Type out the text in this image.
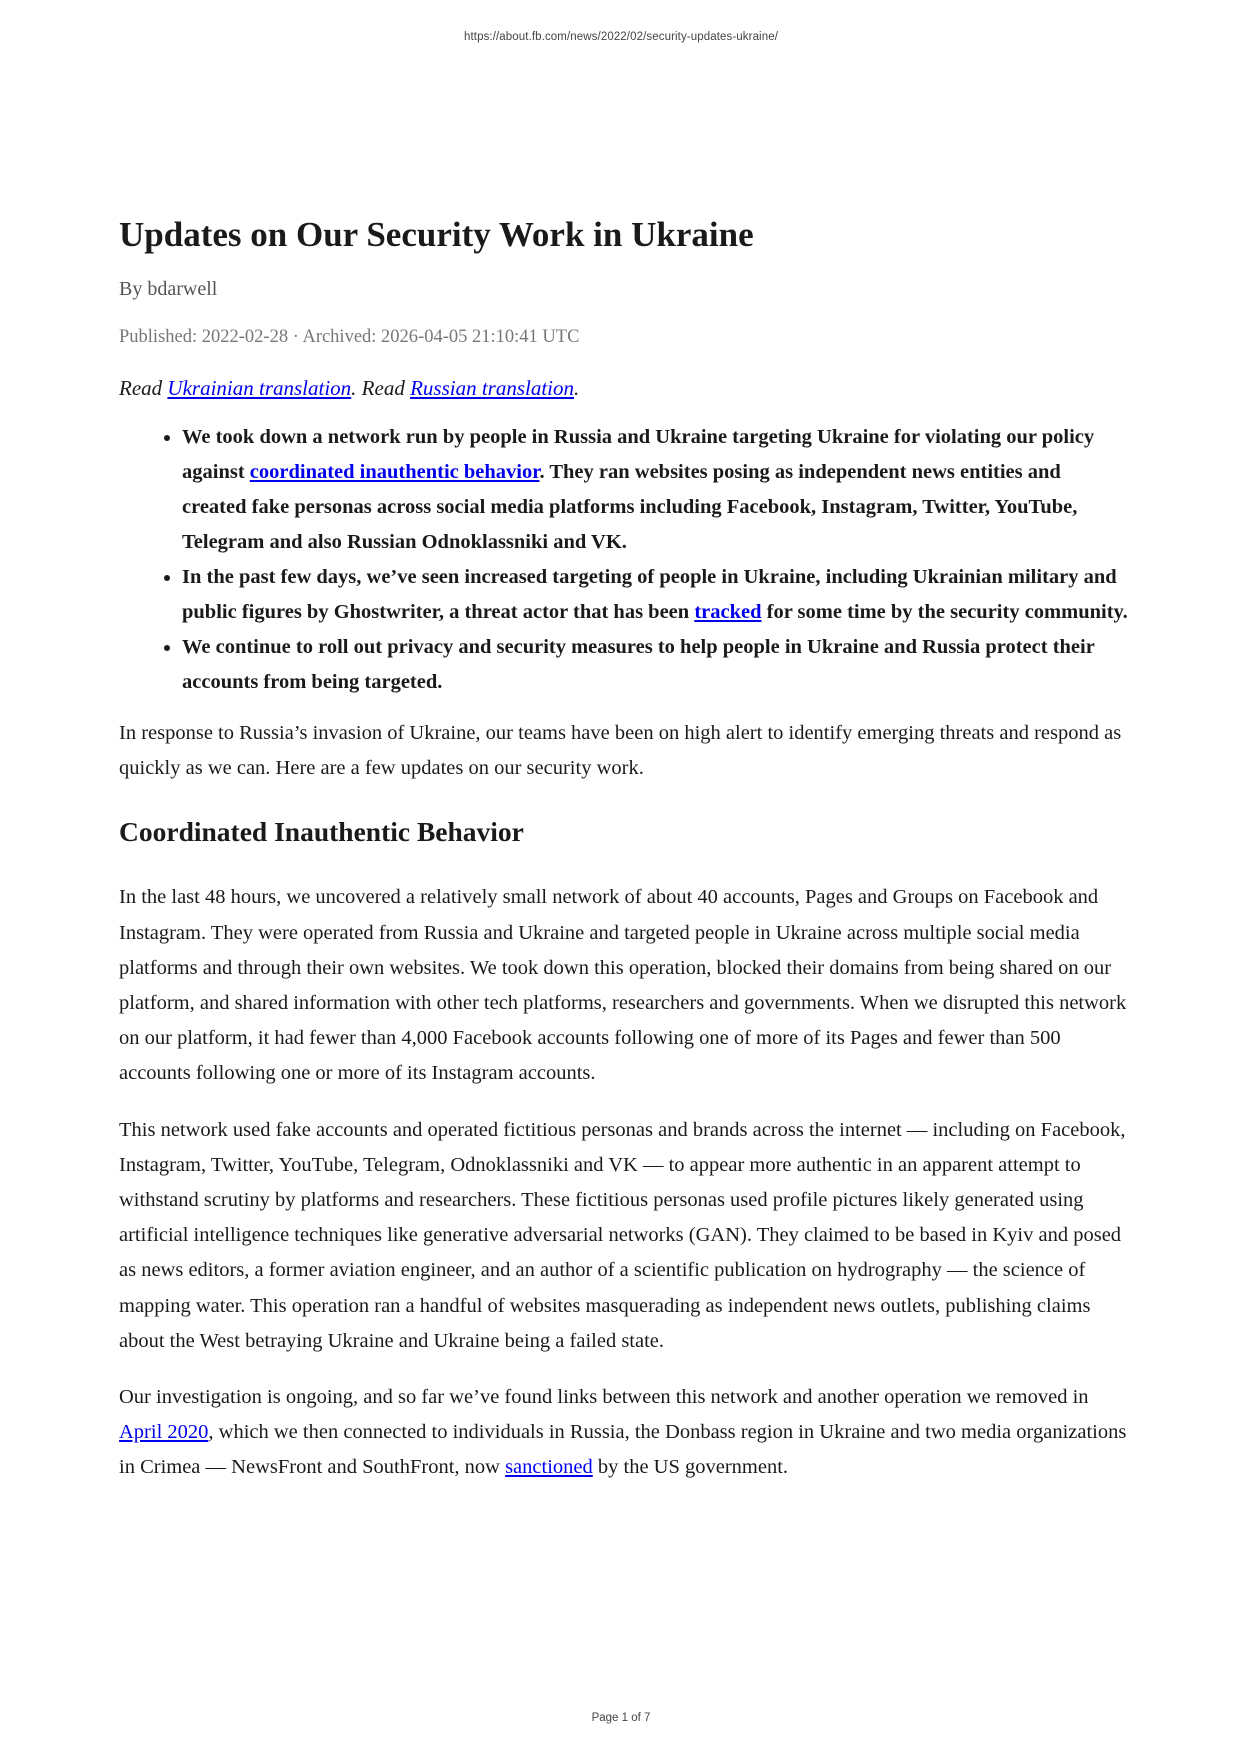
https://about.fb.com/news/2022/02/security-updates-ukraine/
Updates on Our Security Work in Ukraine
By bdarwell
Published: 2022-02-28 · Archived: 2026-04-05 21:10:41 UTC
Read Ukrainian translation. Read Russian translation.
• We took down a network run by people in Russia and Ukraine targeting Ukraine for violating our policy against coordinated inauthentic behavior. They ran websites posing as independent news entities and created fake personas across social media platforms including Facebook, Instagram, Twitter, YouTube, Telegram and also Russian Odnoklassniki and VK.
• In the past few days, we’ve seen increased targeting of people in Ukraine, including Ukrainian military and public figures by Ghostwriter, a threat actor that has been tracked for some time by the security community.
• We continue to roll out privacy and security measures to help people in Ukraine and Russia protect their accounts from being targeted.

In response to Russia’s invasion of Ukraine, our teams have been on high alert to identify emerging threats and respond as quickly as we can. Here are a few updates on our security work.

Coordinated Inauthentic Behavior

In the last 48 hours, we uncovered a relatively small network of about 40 accounts, Pages and Groups on Facebook and Instagram. They were operated from Russia and Ukraine and targeted people in Ukraine across multiple social media platforms and through their own websites. We took down this operation, blocked their domains from being shared on our platform, and shared information with other tech platforms, researchers and governments. When we disrupted this network on our platform, it had fewer than 4,000 Facebook accounts following one of more of its Pages and fewer than 500 accounts following one or more of its Instagram accounts.

This network used fake accounts and operated fictitious personas and brands across the internet — including on Facebook, Instagram, Twitter, YouTube, Telegram, Odnoklassniki and VK — to appear more authentic in an apparent attempt to withstand scrutiny by platforms and researchers. These fictitious personas used profile pictures likely generated using artificial intelligence techniques like generative adversarial networks (GAN). They claimed to be based in Kyiv and posed as news editors, a former aviation engineer, and an author of a scientific publication on hydrography — the science of mapping water. This operation ran a handful of websites masquerading as independent news outlets, publishing claims about the West betraying Ukraine and Ukraine being a failed state.

Our investigation is ongoing, and so far we’ve found links between this network and another operation we removed in April 2020, which we then connected to individuals in Russia, the Donbass region in Ukraine and two media organizations in Crimea — NewsFront and SouthFront, now sanctioned by the US government.

Page 1 of 7
